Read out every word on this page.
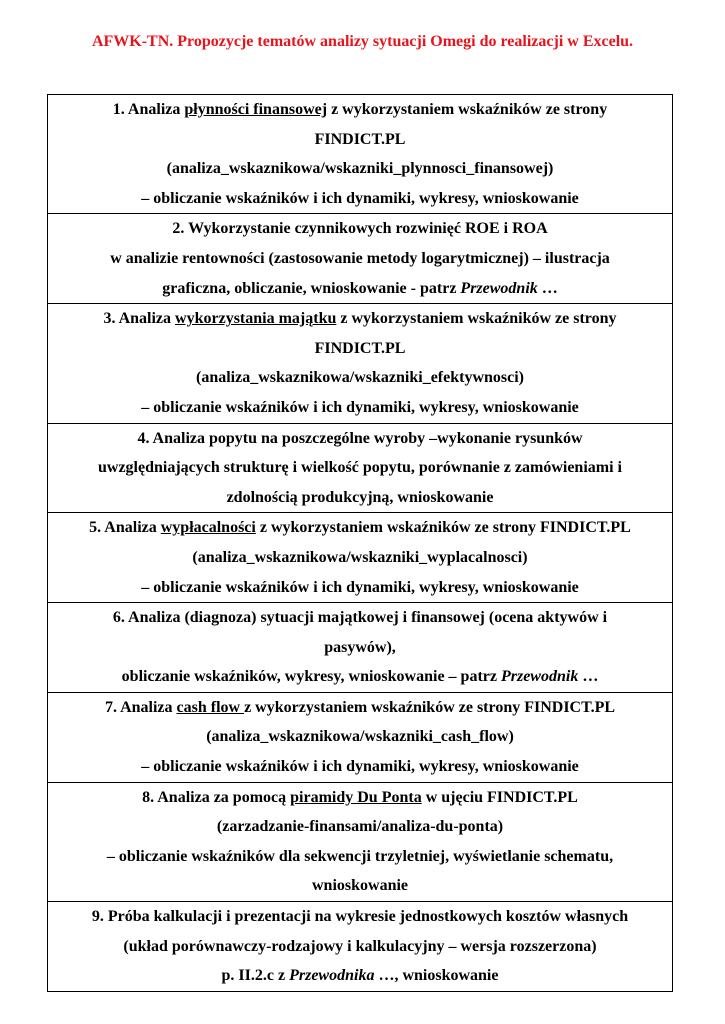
AFWK-TN. Propozycje tematów analizy sytuacji Omegi do realizacji w Excelu.
1. Analiza płynności finansowej z wykorzystaniem wskaźników ze strony
FINDICT.PL
(analiza_wskaznikowa/wskazniki_plynnosci_finansowej)
– obliczanie wskaźników i ich dynamiki, wykresy, wnioskowanie

2. Wykorzystanie czynnikowych rozwinięć ROE i ROA
w analizie rentowności (zastosowanie metody logarytmicznej) – ilustracja
graficzna, obliczanie, wnioskowanie - patrz Przewodnik …

3. Analiza wykorzystania majątku z wykorzystaniem wskaźników ze strony
FINDICT.PL
(analiza_wskaznikowa/wskazniki_efektywnosci)
– obliczanie wskaźników i ich dynamiki, wykresy, wnioskowanie

4. Analiza popytu na poszczególne wyroby –wykonanie rysunków
uwzględniających strukturę i wielkość popytu, porównanie z zamówieniami i
zdolnością produkcyjną, wnioskowanie

5. Analiza wypłacalności z wykorzystaniem wskaźników ze strony FINDICT.PL
(analiza_wskaznikowa/wskazniki_wyplacalnosci)
– obliczanie wskaźników i ich dynamiki, wykresy, wnioskowanie

6. Analiza (diagnoza) sytuacji majątkowej i finansowej (ocena aktywów i
pasywów),
obliczanie wskaźników, wykresy, wnioskowanie – patrz Przewodnik …

7. Analiza cash flow z wykorzystaniem wskaźników ze strony FINDICT.PL
(analiza_wskaznikowa/wskazniki_cash_flow)
– obliczanie wskaźników i ich dynamiki, wykresy, wnioskowanie

8. Analiza za pomocą piramidy Du Ponta w ujęciu FINDICT.PL
(zarzadzanie-finansami/analiza-du-ponta)
– obliczanie wskaźników dla sekwencji trzyletniej, wyświetlanie schematu,
wnioskowanie

9. Próba kalkulacji i prezentacji na wykresie jednostkowych kosztów własnych
(układ porównawczy-rodzajowy i kalkulacyjny – wersja rozszerzona)
p. II.2.c z Przewodnika …, wnioskowanie
